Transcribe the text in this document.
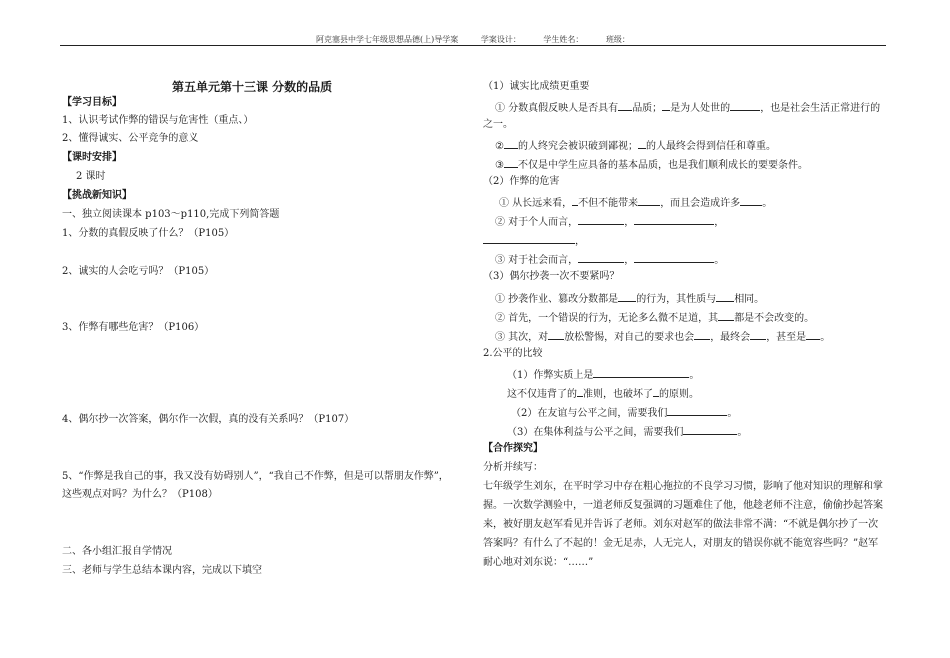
阿克塞县中学七年级思想品德(上)导学案	学案设计：	学生姓名：	班级：
第五单元第十三课 分数的品质
【学习目标】
1、认识考试作弊的错误与危害性（重点、）
2、懂得诚实、公平竞争的意义
【课时安排】
2 课时
【挑战新知识】
一、独立阅读课本 p103～p110,完成下列简答题
1、分数的真假反映了什么？（P105）
2、诚实的人会吃亏吗？（P105）
3、作弊有哪些危害？（P106）
4、偶尔抄一次答案，偶尔作一次假，真的没有关系吗？（P107）
5、“作弊是我自己的事，我又没有妨碍别人”，“我自己不作弊，但是可以帮朋友作弊”，
这些观点对吗？为什么？（P108）
二、各小组汇报自学情况
三、老师与学生总结本课内容，完成以下填空
（1）诚实比成绩更重要
① 分数真假反映人是否具有 品质； 是为人处世的	，也是社会生活正常进行的
之一。
② 的人终究会被识破到鄙视； 的人最终会得到信任和尊重。
③ 不仅是中学生应具备的基本品质，也是我们顺利成长的要要条件。
（2）作弊的危害
① 从长远来看， 不但不能带来 ，而且会造成许多 。
② 对于个人而言，	，	，
，
③ 对于社会而言，	，	。
（3）偶尔抄袭一次不要紧吗？
① 抄袭作业、篡改分数都是 的行为，其性质与 相同。
② 首先，一个错误的行为，无论多么微不足道，其 都是不会改变的。
③ 其次，对 放松警惕，对自己的要求也会 ，最终会 ，甚至是 。
2.公平的比较
（1）作弊实质上是	。
这不仅违背了的 准则，也破坏了 的原则。
（2）在友谊与公平之间，需要我们	。
（3）在集体利益与公平之间，需要我们	。
【合作探究】
分析并续写：
七年级学生刘东，在平时学习中存在粗心拖拉的不良学习习惯，影响了他对知识的理解和掌
握。一次数学测验中，一道老师反复强调的习题难住了他，他趁老师不注意，偷偷抄起答案
来，被好朋友赵军看见并告诉了老师。刘东对赵军的做法非常不满：“不就是偶尔抄了一次
答案吗？有什么了不起的！金无足赤，人无完人，对朋友的错误你就不能宽容些吗？”赵军
耐心地对刘东说：“……”
